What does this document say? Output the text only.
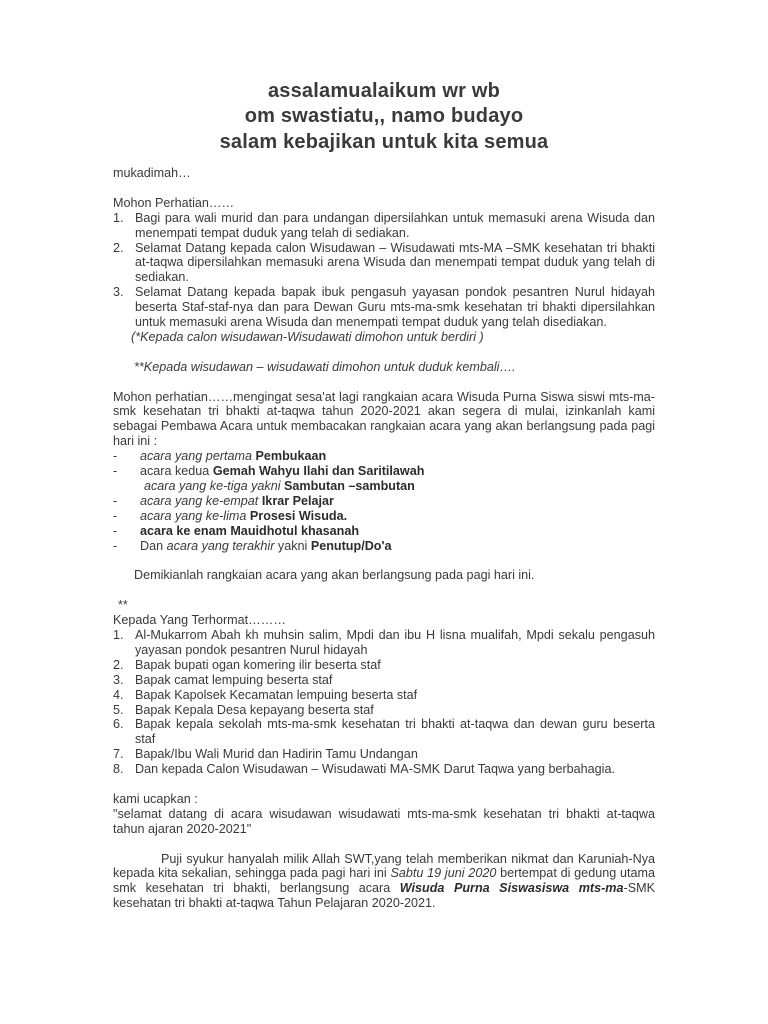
assalamualaikum wr wb
om swastiatu,, namo budayo
salam kebajikan untuk kita semua

mukadimah…

Mohon Perhatian……

1. Bagi para wali murid dan para undangan dipersilahkan untuk memasuki arena Wisuda dan menempati tempat duduk yang telah di sediakan.
2. Selamat Datang kepada calon Wisudawan – Wisudawati mts-MA –SMK kesehatan tri bhakti at-taqwa dipersilahkan memasuki arena Wisuda dan menempati tempat duduk yang telah di sediakan.
3. Selamat Datang kepada bapak ibuk pengasuh yayasan pondok pesantren Nurul hidayah beserta Staf-staf-nya dan para Dewan Guru mts-ma-smk kesehatan tri bhakti dipersilahkan untuk memasuki arena Wisuda dan menempati tempat duduk yang telah disediakan.

(*Kepada calon wisudawan-Wisudawati dimohon untuk berdiri )

**Kepada wisudawan – wisudawati dimohon untuk duduk kembali….

Mohon perhatian……mengingat sesa'at lagi rangkaian acara Wisuda Purna Siswa siswi mts-ma-smk kesehatan tri bhakti at-taqwa tahun 2020-2021 akan segera di mulai, izinkanlah kami sebagai Pembawa Acara untuk membacakan rangkaian acara yang akan berlangsung pada pagi hari ini :

-	acara yang pertama Pembukaan
-	acara kedua Gemah Wahyu Ilahi dan Saritilawah
acara yang ke-tiga yakni Sambutan –sambutan
-	acara yang ke-empat Ikrar Pelajar
-	acara yang ke-lima Prosesi Wisuda.
-	acara ke enam Mauidhotul khasanah
-	Dan acara yang terakhir yakni Penutup/Do'a

Demikianlah rangkaian acara yang akan berlangsung pada pagi hari ini.

**

Kepada Yang Terhormat………

1. Al-Mukarrom Abah kh muhsin salim, Mpdi dan ibu H lisna mualifah, Mpdi sekalu pengasuh yayasan pondok pesantren Nurul hidayah
2. Bapak bupati ogan komering ilir beserta staf
3. Bapak camat lempuing beserta staf
4. Bapak Kapolsek Kecamatan lempuing beserta staf
5. Bapak Kepala Desa kepayang beserta staf
6. Bapak kepala sekolah mts-ma-smk kesehatan tri bhakti at-taqwa dan dewan guru beserta staf
7. Bapak/Ibu Wali Murid dan Hadirin Tamu Undangan
8. Dan kepada Calon Wisudawan – Wisudawati MA-SMK Darut Taqwa yang berbahagia.

kami ucapkan :

"selamat datang di acara wisudawan wisudawati mts-ma-smk kesehatan tri bhakti at-taqwa tahun ajaran 2020-2021"

Puji syukur hanyalah milik Allah SWT,yang telah memberikan nikmat dan Karuniah-Nya kepada kita sekalian, sehingga pada pagi hari ini Sabtu 19 juni 2020 bertempat di gedung utama smk kesehatan tri bhakti, berlangsung acara Wisuda Purna Siswasiswa mts-ma-SMK kesehatan tri bhakti at-taqwa Tahun Pelajaran 2020-2021.
